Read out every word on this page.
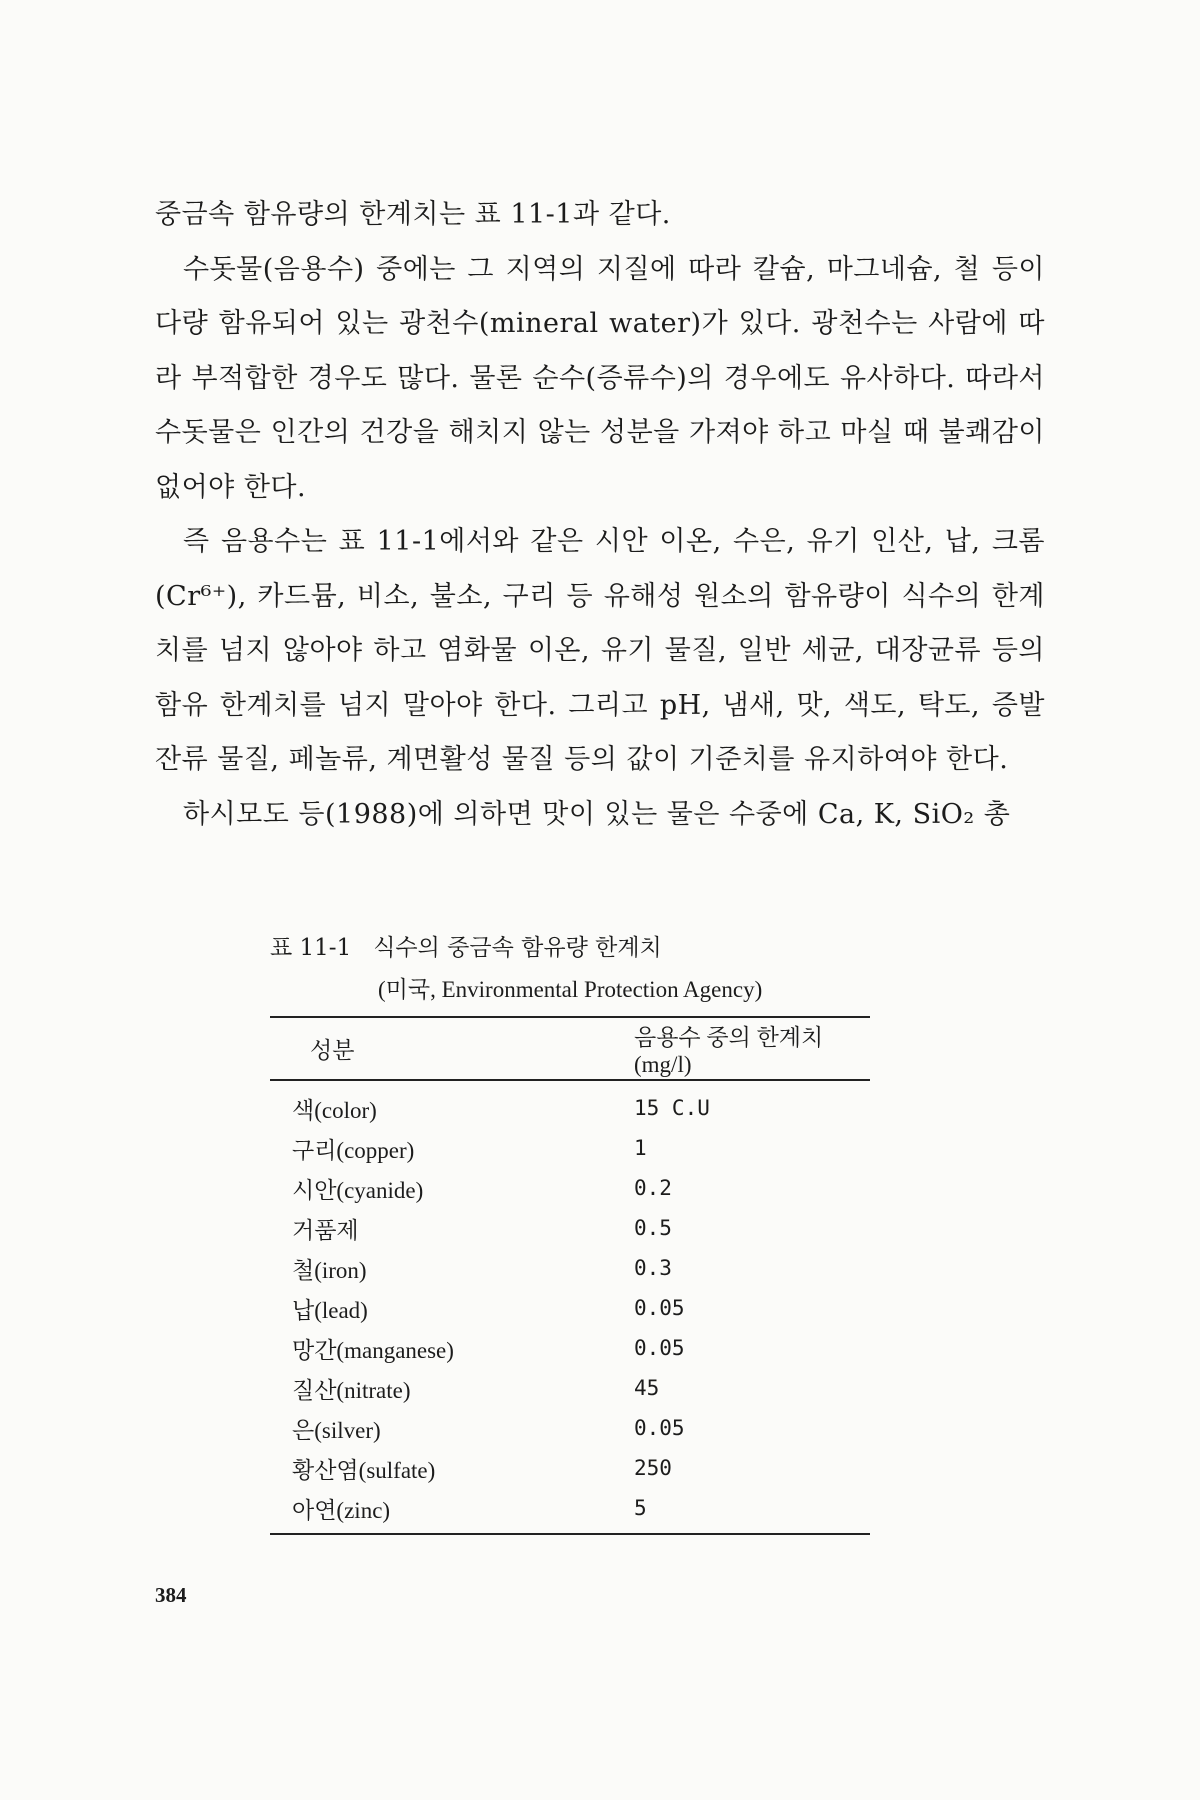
중금속 함유량의 한계치는 표 11-1과 같다.

수돗물(음용수) 중에는 그 지역의 지질에 따라 칼슘, 마그네슘, 철 등이 다량 함유되어 있는 광천수(mineral water)가 있다. 광천수는 사람에 따라 부적합한 경우도 많다. 물론 순수(증류수)의 경우에도 유사하다. 따라서 수돗물은 인간의 건강을 해치지 않는 성분을 가져야 하고 마실 때 불쾌감이 없어야 한다.

즉 음용수는 표 11-1에서와 같은 시안 이온, 수은, 유기 인산, 납, 크롬(Cr⁶⁺), 카드뮴, 비소, 불소, 구리 등 유해성 원소의 함유량이 식수의 한계치를 넘지 않아야 하고 염화물 이온, 유기 물질, 일반 세균, 대장균류 등의 함유 한계치를 넘지 말아야 한다. 그리고 pH, 냄새, 맛, 색도, 탁도, 증발 잔류 물질, 페놀류, 계면활성 물질 등의 값이 기준치를 유지하여야 한다.

하시모도 등(1988)에 의하면 맛이 있는 물은 수중에 Ca, K, SiO₂ 총

표 11-1 식수의 중금속 함유량 한계치
(미국, Environmental Protection Agency)
성분	음용수 중의 한계치(mg/l)
색(color)	15 C.U
구리(copper)	1
시안(cyanide)	0.2
거품제	0.5
철(iron)	0.3
납(lead)	0.05
망간(manganese)	0.05
질산(nitrate)	45
은(silver)	0.05
황산염(sulfate)	250
아연(zinc)	5
384
